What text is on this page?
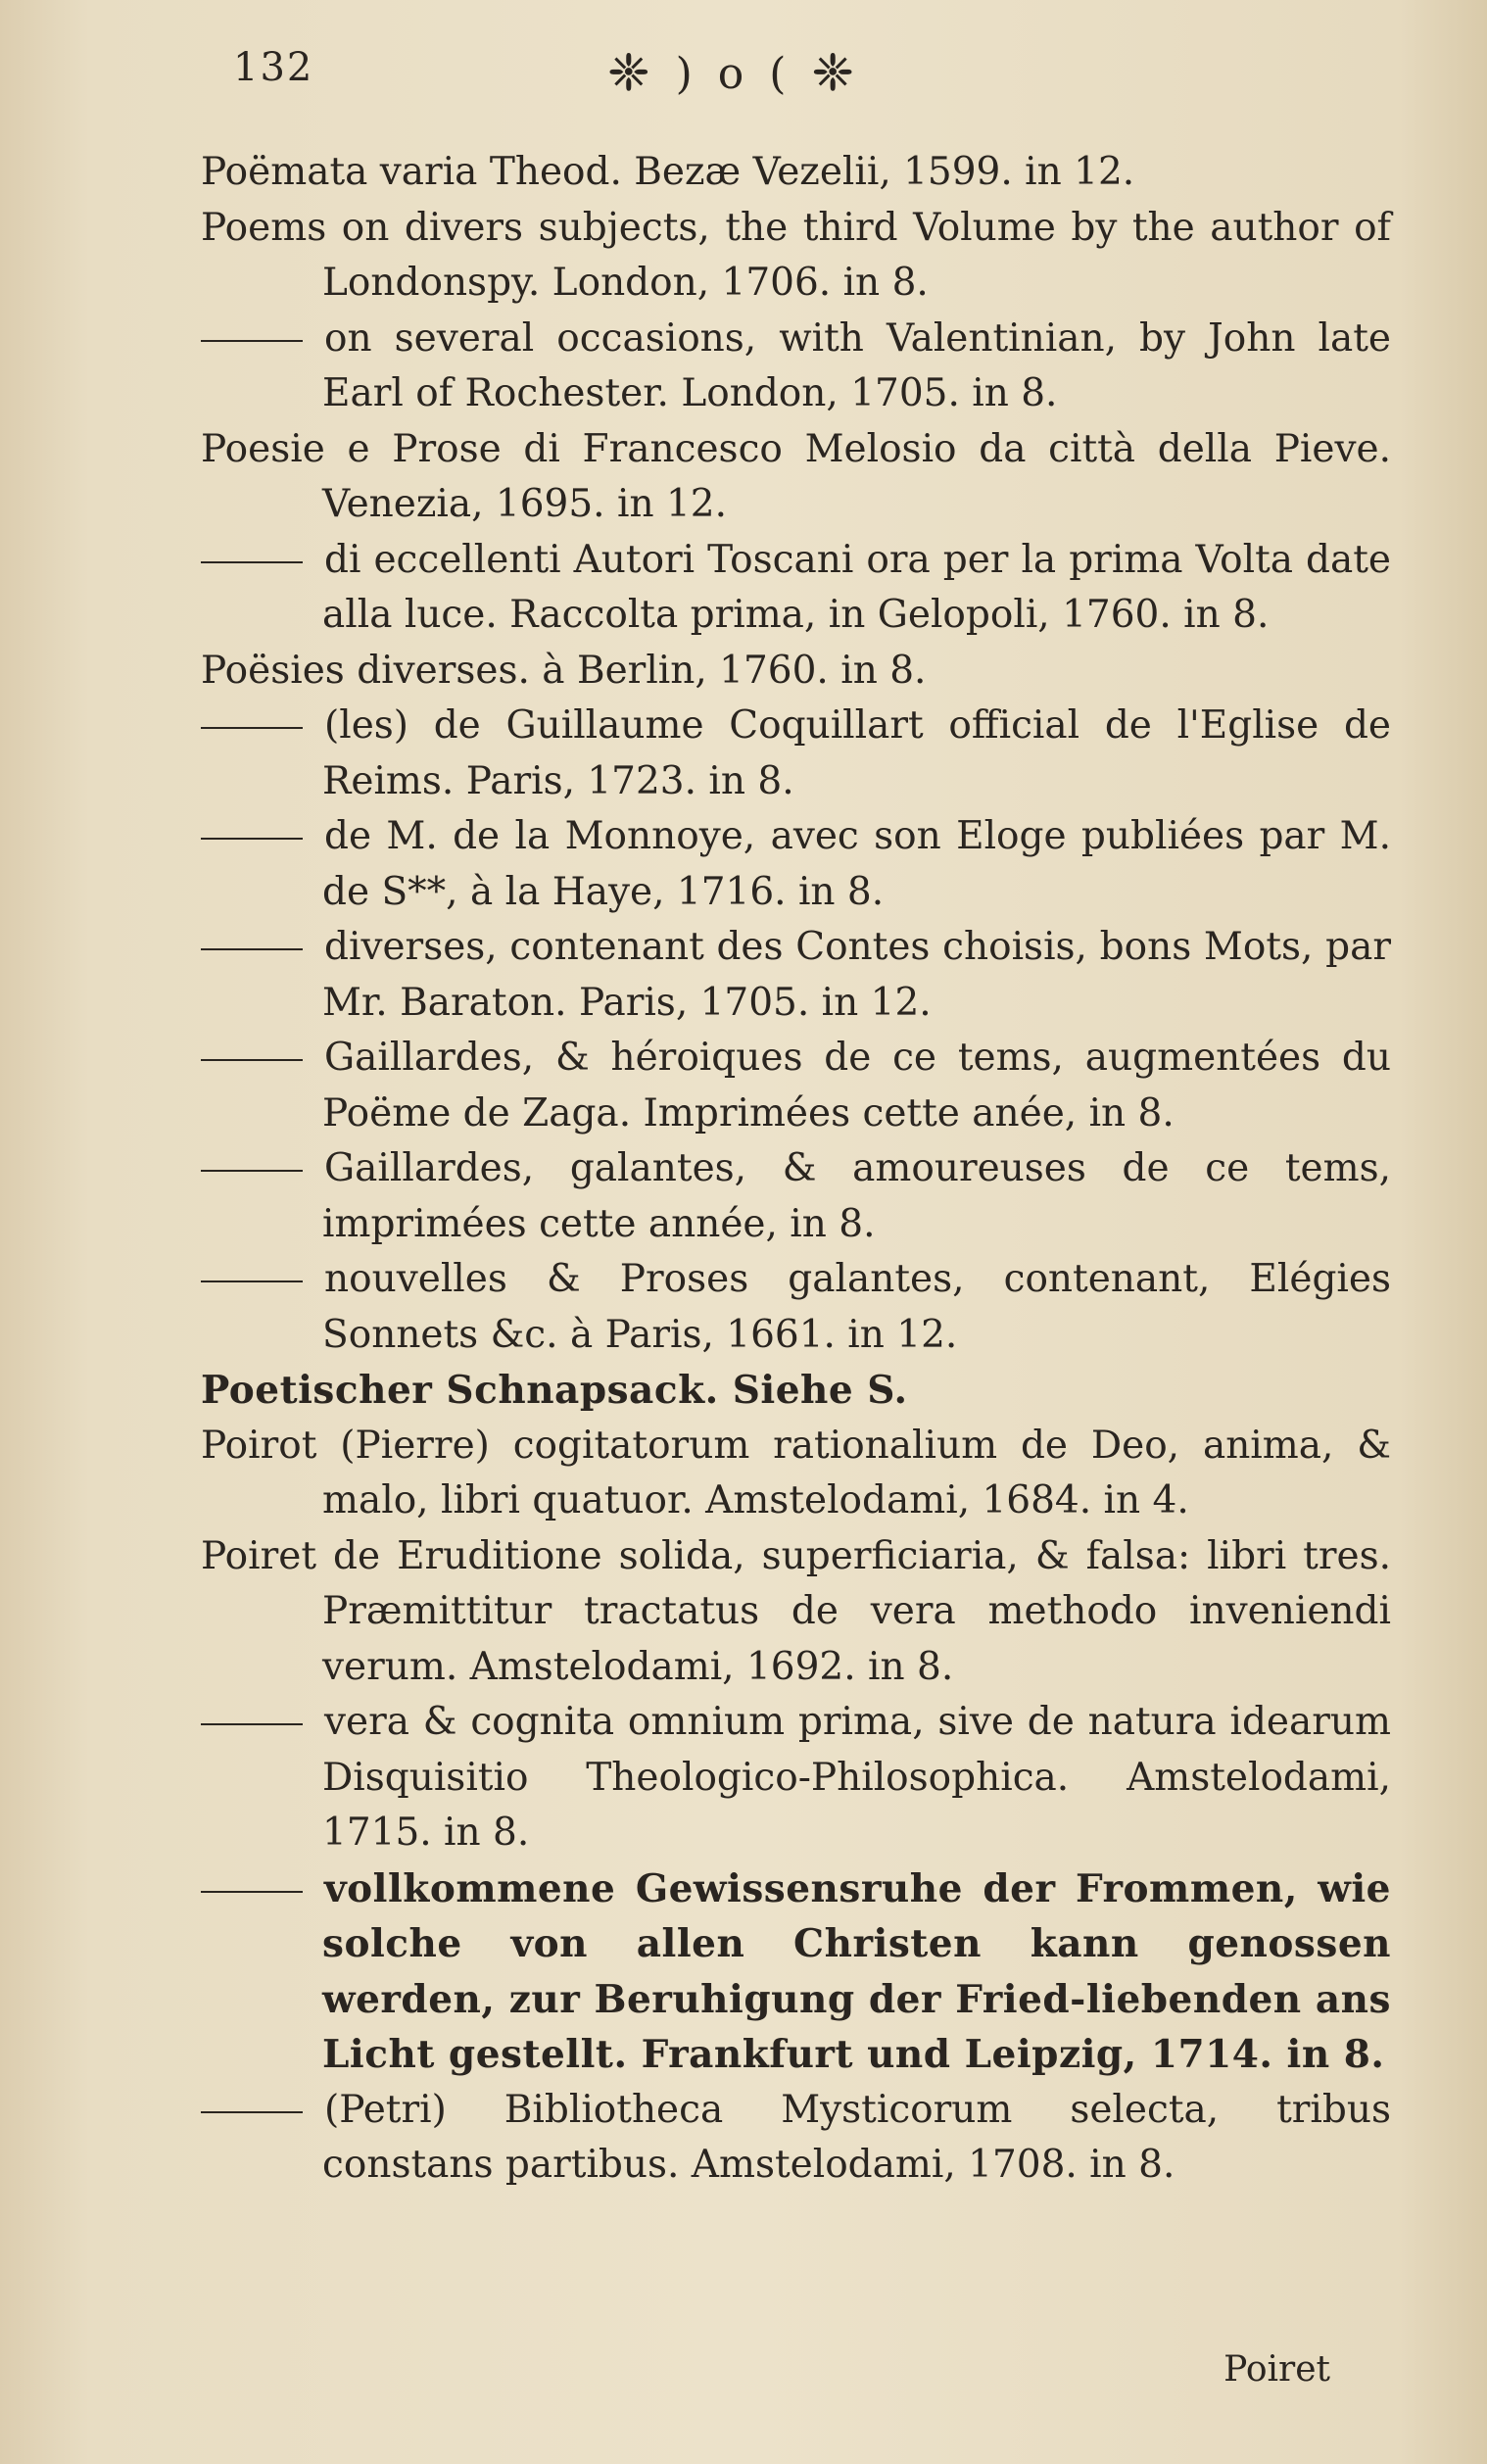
132	❈ ) o ( ❈
Poëmata varia Theod. Bezæ Vezelii, 1599. in 12.
Poems on divers subjects, the third Volume by the author of Londonspy. London, 1706. in 8.
on several occasions, with Valentinian, by John late Earl of Rochester. London, 1705. in 8.
Poesie e Prose di Francesco Melosio da città della Pieve. Venezia, 1695. in 12.
di eccellenti Autori Toscani ora per la prima Volta date alla luce. Raccolta prima, in Gelopoli, 1760. in 8.
Poësies diverses. à Berlin, 1760. in 8.
(les) de Guillaume Coquillart official de l'Eglise de Reims. Paris, 1723. in 8.
de M. de la Monnoye, avec son Eloge publiées par M. de S**, à la Haye, 1716. in 8.
diverses, contenant des Contes choisis, bons Mots, par Mr. Baraton. Paris, 1705. in 12.
Gaillardes, & héroiques de ce tems, augmentées du Poëme de Zaga. Imprimées cette anée, in 8.
Gaillardes, galantes, & amoureuses de ce tems, imprimées cette année, in 8.
nouvelles & Proses galantes, contenant, Elégies Sonnets &c. à Paris, 1661. in 12.
Poetischer Schnapsack. Siehe S.
Poirot (Pierre) cogitatorum rationalium de Deo, anima, & malo, libri quatuor. Amstelodami, 1684. in 4.
Poiret de Eruditione solida, superficiaria, & falsa: libri tres. Præmittitur tractatus de vera methodo inveniendi verum. Amstelodami, 1692. in 8.
vera & cognita omnium prima, sive de natura idearum Disquisitio Theologico-Philosophica. Amstelodami, 1715. in 8.
vollkommene Gewissensruhe der Frommen, wie solche von allen Christen kann genossen werden, zur Beruhigung der Fried-liebenden ans Licht gestellt. Frankfurt und Leipzig, 1714. in 8.
(Petri) Bibliotheca Mysticorum selecta, tribus constans partibus. Amstelodami, 1708. in 8.
Poiret
